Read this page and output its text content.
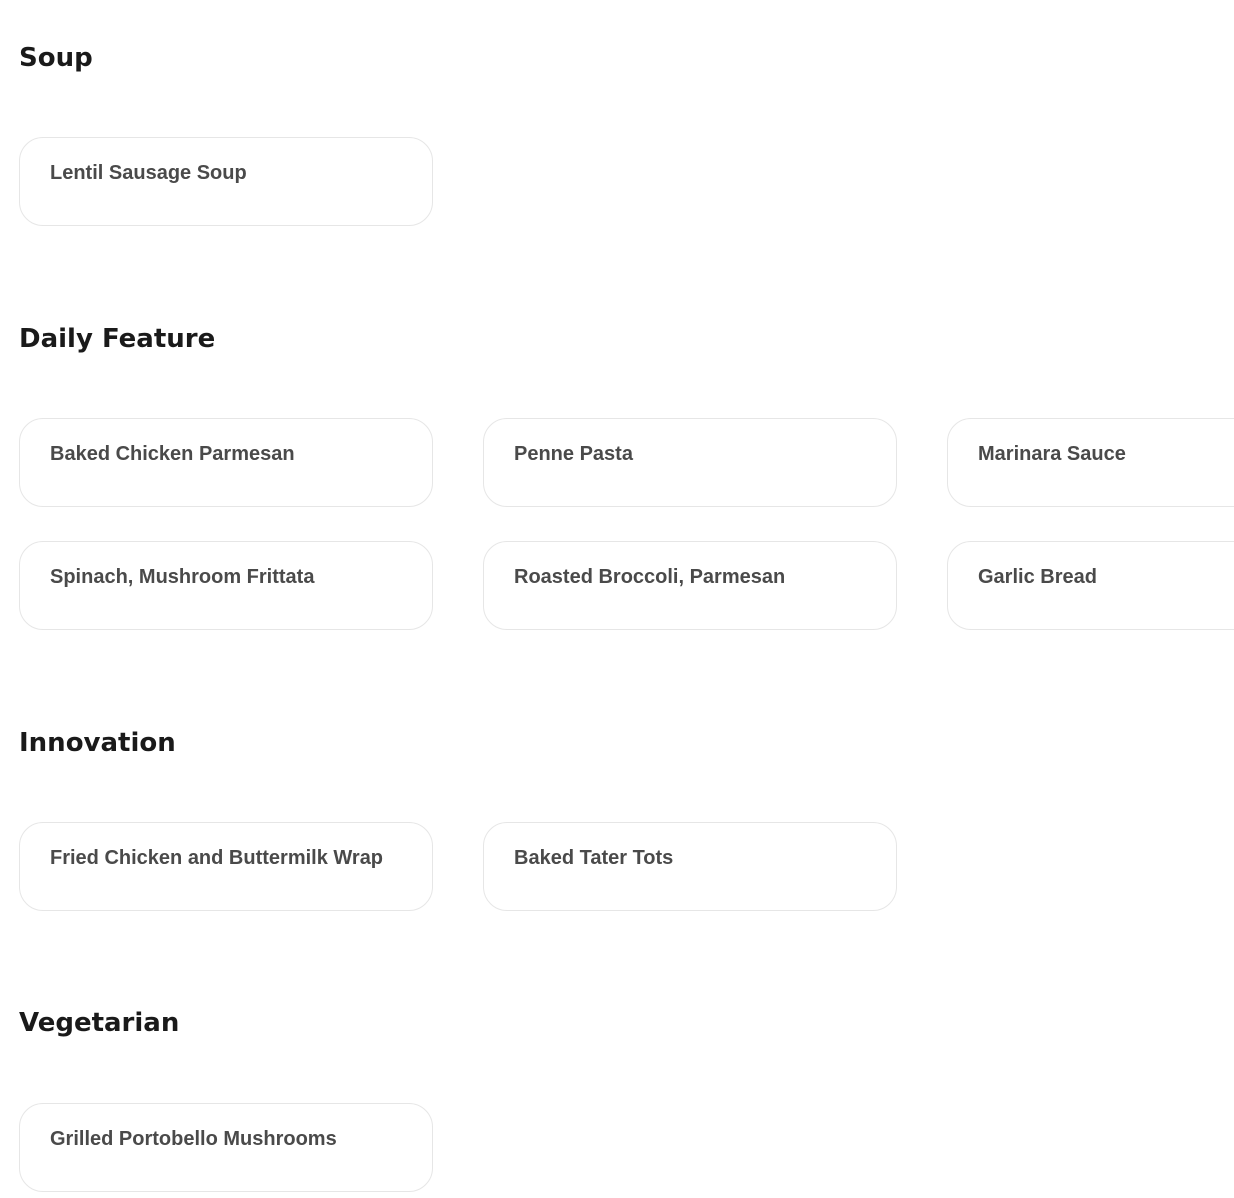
Soup
Lentil Sausage Soup
Daily Feature
Baked Chicken Parmesan	Penne Pasta	Marinara Sauce
Spinach, Mushroom Frittata	Roasted Broccoli, Parmesan	Garlic Bread
Innovation
Fried Chicken and Buttermilk Wrap	Baked Tater Tots
Vegetarian
Grilled Portobello Mushrooms
